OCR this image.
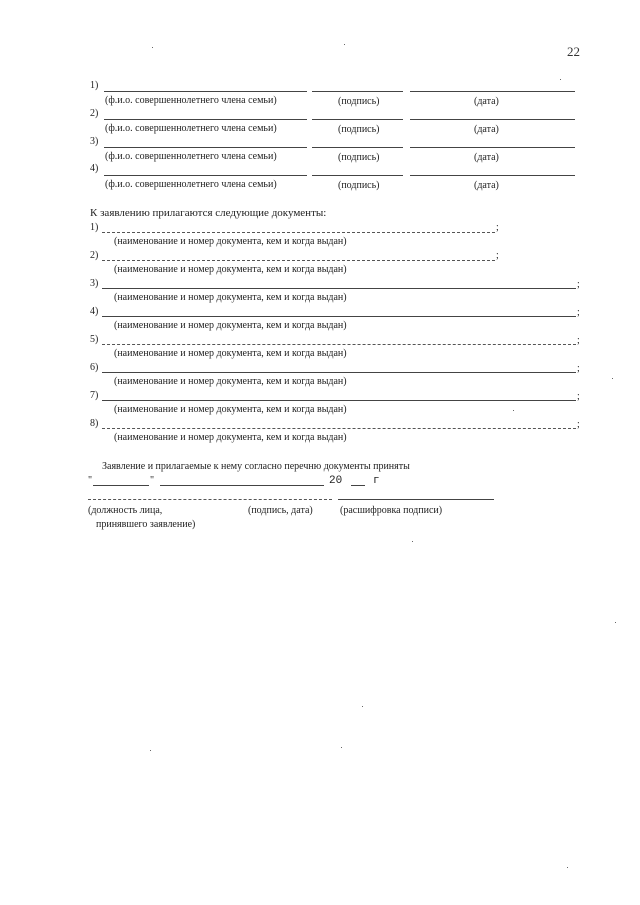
22
1)
(ф.и.о. совершеннолетнего члена семьи)	(подпись)	(дата)
2)
(ф.и.о. совершеннолетнего члена семьи)	(подпись)	(дата)
3)
(ф.и.о. совершеннолетнего члена семьи)	(подпись)	(дата)
4)
(ф.и.о. совершеннолетнего члена семьи)	(подпись)	(дата)
К заявлению прилагаются следующие документы:
1)	;
(наименование и номер документа, кем и когда выдан)
2)	;
(наименование и номер документа, кем и когда выдан)
3)	;
(наименование и номер документа, кем и когда выдан)
4)	;
(наименование и номер документа, кем и когда выдан)
5)	;
(наименование и номер документа, кем и когда выдан)
6)	;
(наименование и номер документа, кем и когда выдан)
7)	;
(наименование и номер документа, кем и когда выдан)
8)	;
(наименование и номер документа, кем и когда выдан)
Заявление и прилагаемые к нему согласно перечню документы приняты
"	"	20	г
(должность лица,
принявшего заявление)
(подпись, дата)	(расшифровка подписи)
